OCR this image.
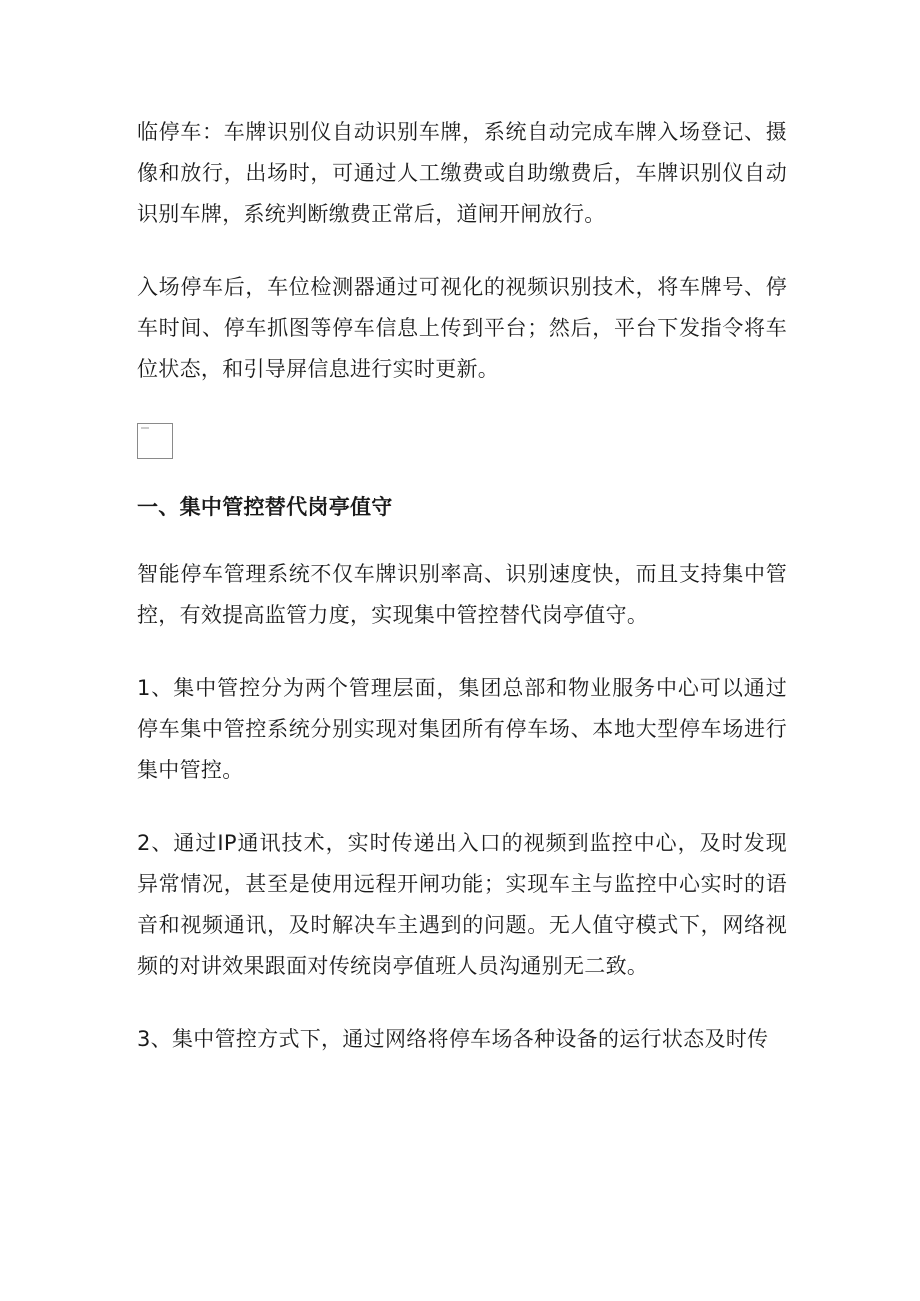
临停车：车牌识别仪自动识别车牌，系统自动完成车牌入场登记、摄像和放行，出场时，可通过人工缴费或自助缴费后，车牌识别仪自动识别车牌，系统判断缴费正常后，道闸开闸放行。

入场停车后，车位检测器通过可视化的视频识别技术，将车牌号、停车时间、停车抓图等停车信息上传到平台；然后，平台下发指令将车位状态，和引导屏信息进行实时更新。

一、集中管控替代岗亭值守

智能停车管理系统不仅车牌识别率高、识别速度快，而且支持集中管控，有效提高监管力度，实现集中管控替代岗亭值守。

1、集中管控分为两个管理层面，集团总部和物业服务中心可以通过停车集中管控系统分别实现对集团所有停车场、本地大型停车场进行集中管控。

2、通过IP通讯技术，实时传递出入口的视频到监控中心，及时发现异常情况，甚至是使用远程开闸功能；实现车主与监控中心实时的语音和视频通讯，及时解决车主遇到的问题。无人值守模式下，网络视频的对讲效果跟面对传统岗亭值班人员沟通别无二致。

3、集中管控方式下，通过网络将停车场各种设备的运行状态及时传
